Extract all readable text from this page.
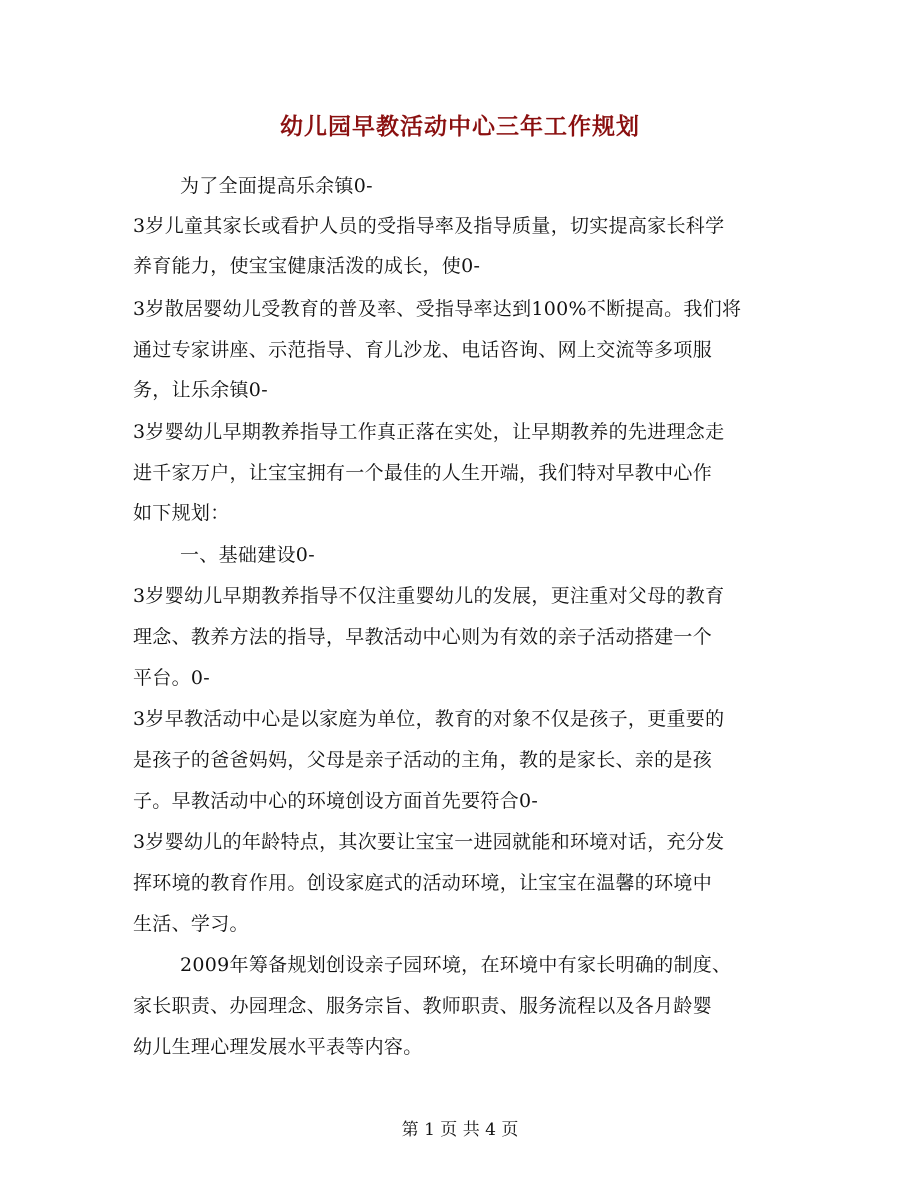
幼儿园早教活动中心三年工作规划
为了全面提高乐余镇0-
3岁儿童其家长或看护人员的受指导率及指导质量，切实提高家长科学
养育能力，使宝宝健康活泼的成长，使0-
3岁散居婴幼儿受教育的普及率、受指导率达到100%不断提高。我们将
通过专家讲座、示范指导、育儿沙龙、电话咨询、网上交流等多项服
务，让乐余镇0-
3岁婴幼儿早期教养指导工作真正落在实处，让早期教养的先进理念走
进千家万户，让宝宝拥有一个最佳的人生开端，我们特对早教中心作
如下规划：
一、基础建设0-
3岁婴幼儿早期教养指导不仅注重婴幼儿的发展，更注重对父母的教育
理念、教养方法的指导，早教活动中心则为有效的亲子活动搭建一个
平台。0-
3岁早教活动中心是以家庭为单位，教育的对象不仅是孩子，更重要的
是孩子的爸爸妈妈，父母是亲子活动的主角，教的是家长、亲的是孩
子。早教活动中心的环境创设方面首先要符合0-
3岁婴幼儿的年龄特点，其次要让宝宝一进园就能和环境对话，充分发
挥环境的教育作用。创设家庭式的活动环境，让宝宝在温馨的环境中
生活、学习。
2009年筹备规划创设亲子园环境，在环境中有家长明确的制度、
家长职责、办园理念、服务宗旨、教师职责、服务流程以及各月龄婴
幼儿生理心理发展水平表等内容。
第 1 页 共 4 页
